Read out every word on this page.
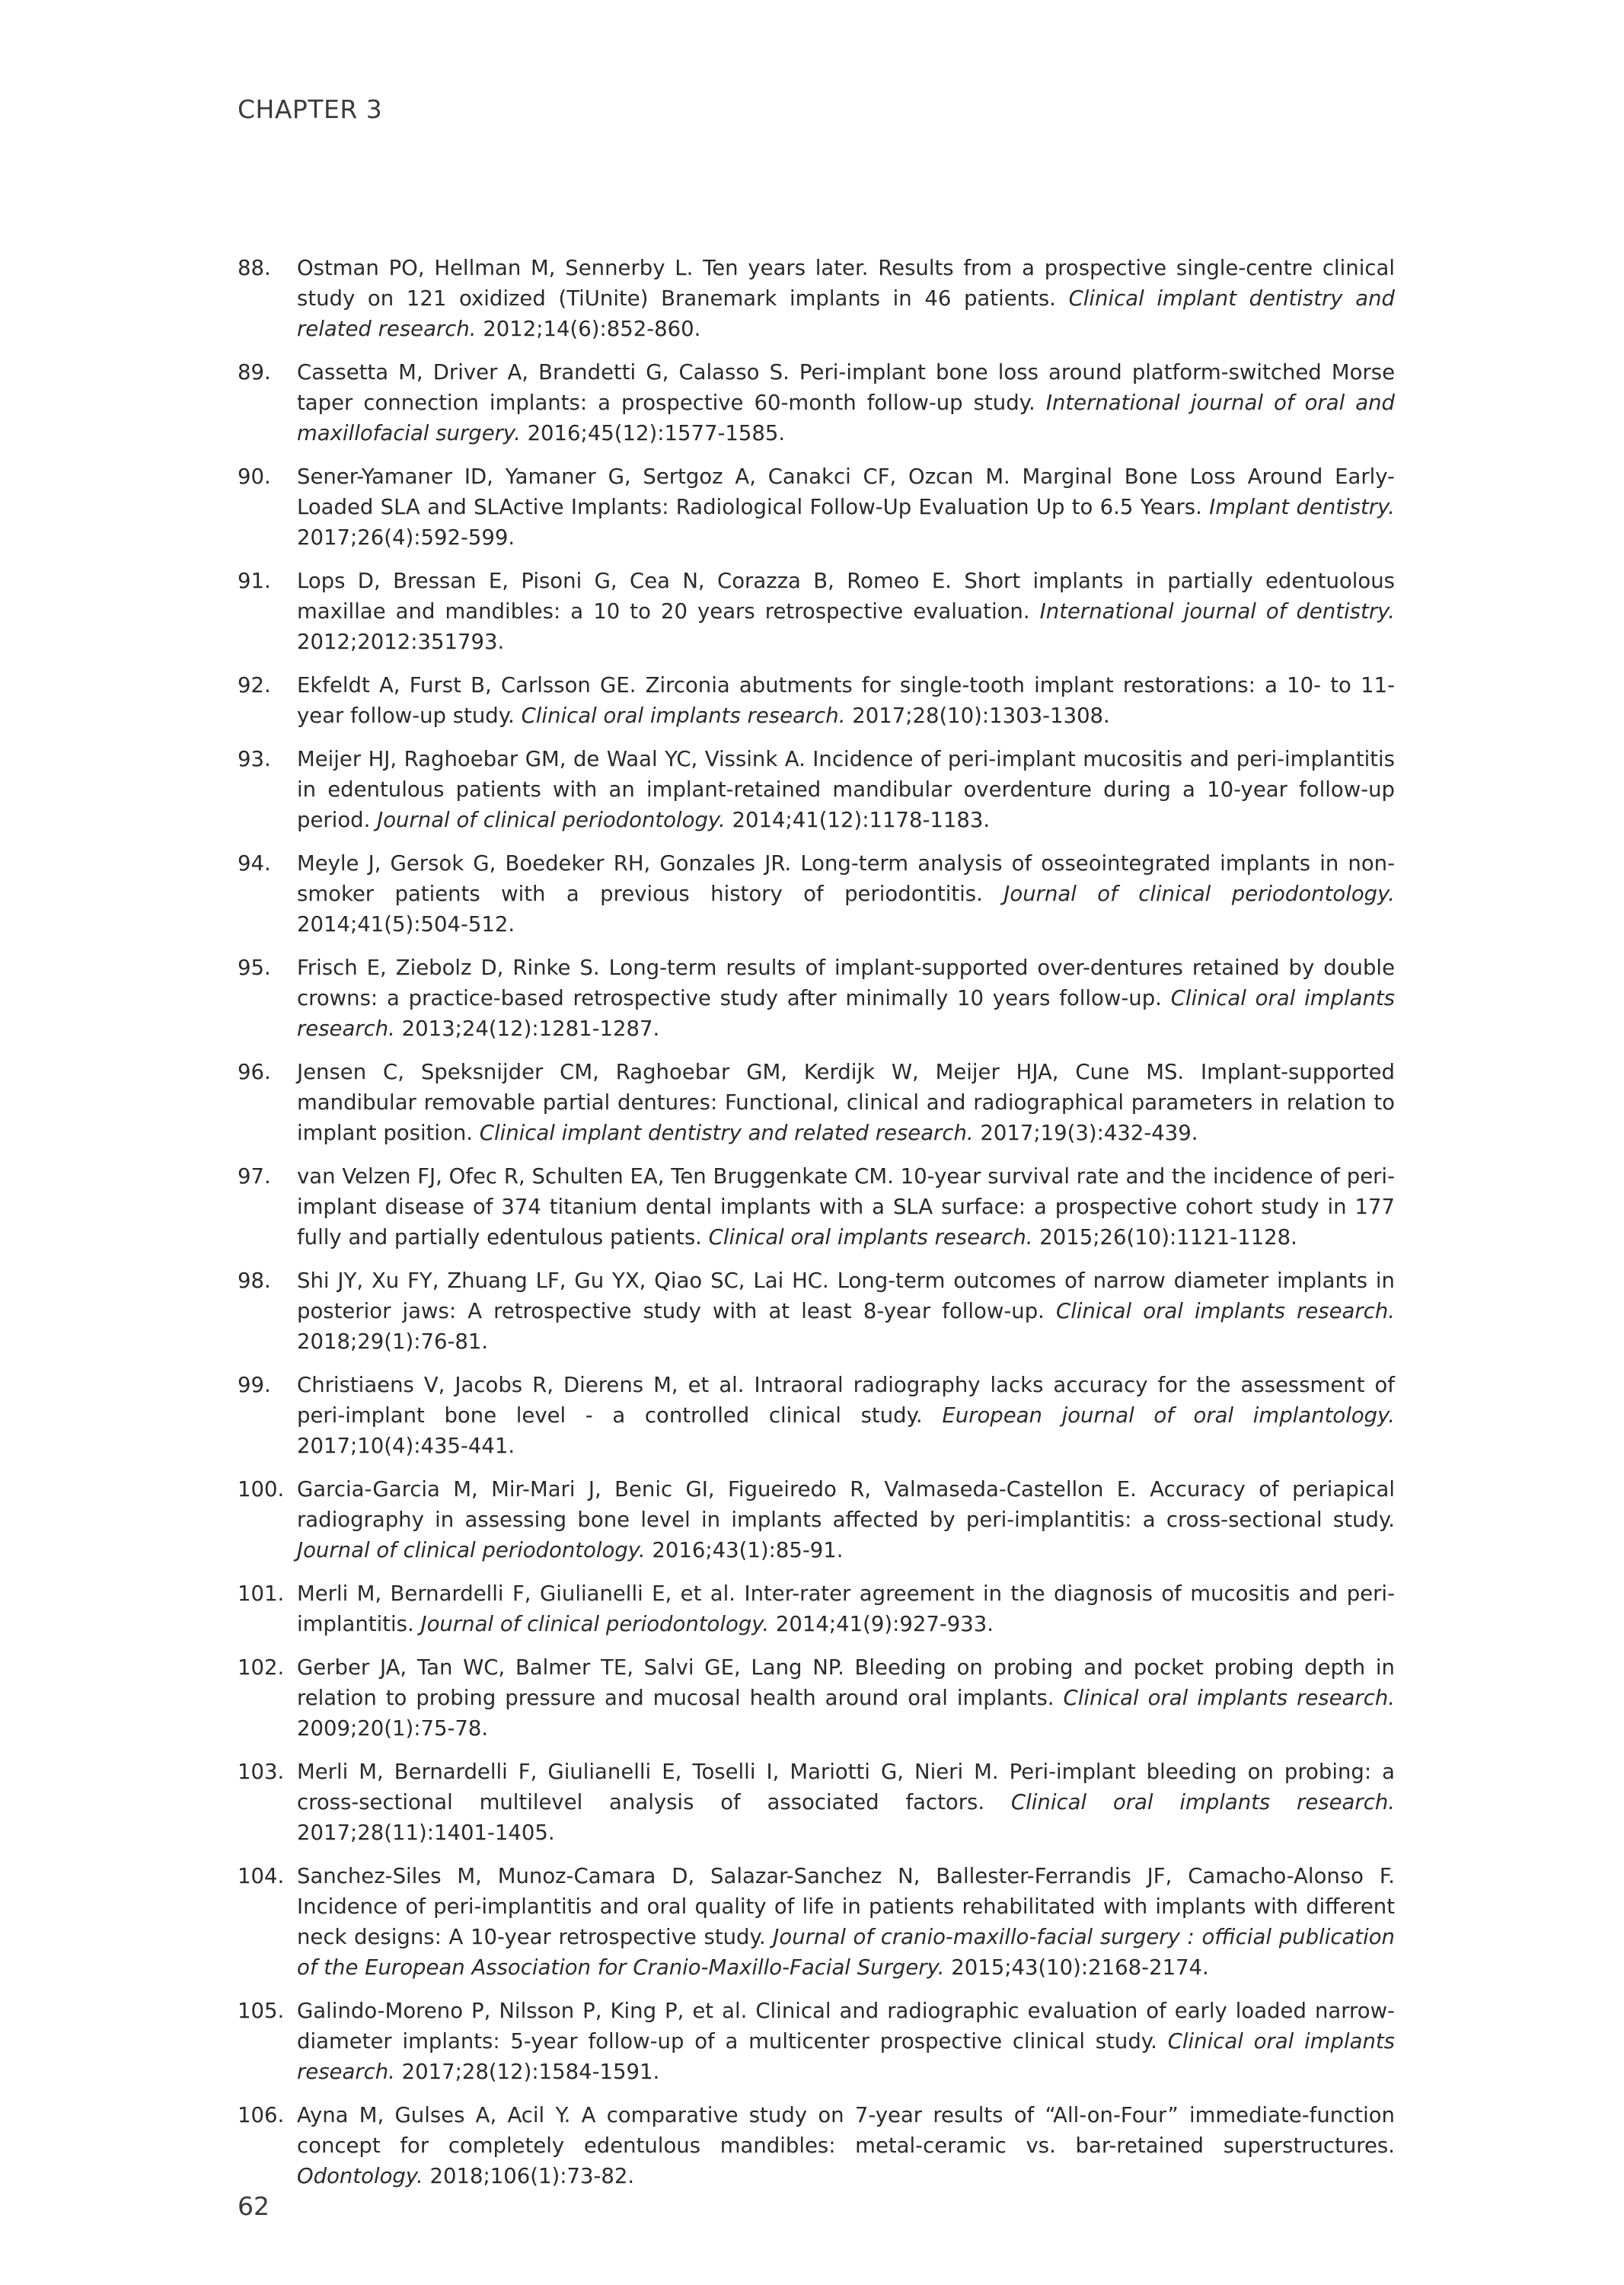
CHAPTER 3
88.	Ostman PO, Hellman M, Sennerby L. Ten years later. Results from a prospective single-centre clinical study on 121 oxidized (TiUnite) Branemark implants in 46 patients. Clinical implant dentistry and related research. 2012;14(6):852-860.
89.	Cassetta M, Driver A, Brandetti G, Calasso S. Peri-implant bone loss around platform-switched Morse taper connection implants: a prospective 60-month follow-up study. International journal of oral and maxillofacial surgery. 2016;45(12):1577-1585.
90.	Sener-Yamaner ID, Yamaner G, Sertgoz A, Canakci CF, Ozcan M. Marginal Bone Loss Around Early-Loaded SLA and SLActive Implants: Radiological Follow-Up Evaluation Up to 6.5 Years. Implant dentistry. 2017;26(4):592-599.
91.	Lops D, Bressan E, Pisoni G, Cea N, Corazza B, Romeo E. Short implants in partially edentuolous maxillae and mandibles: a 10 to 20 years retrospective evaluation. International journal of dentistry. 2012;2012:351793.
92.	Ekfeldt A, Furst B, Carlsson GE. Zirconia abutments for single-tooth implant restorations: a 10- to 11-year follow-up study. Clinical oral implants research. 2017;28(10):1303-1308.
93.	Meijer HJ, Raghoebar GM, de Waal YC, Vissink A. Incidence of peri-implant mucositis and peri-implantitis in edentulous patients with an implant-retained mandibular overdenture during a 10-year follow-up period. Journal of clinical periodontology. 2014;41(12):1178-1183.
94.	Meyle J, Gersok G, Boedeker RH, Gonzales JR. Long-term analysis of osseointegrated implants in non-smoker patients with a previous history of periodontitis. Journal of clinical periodontology. 2014;41(5):504-512.
95.	Frisch E, Ziebolz D, Rinke S. Long-term results of implant-supported over-dentures retained by double crowns: a practice-based retrospective study after minimally 10 years follow-up. Clinical oral implants research. 2013;24(12):1281-1287.
96.	Jensen C, Speksnijder CM, Raghoebar GM, Kerdijk W, Meijer HJA, Cune MS. Implant-supported mandibular removable partial dentures: Functional, clinical and radiographical parameters in relation to implant position. Clinical implant dentistry and related research. 2017;19(3):432-439.
97.	van Velzen FJ, Ofec R, Schulten EA, Ten Bruggenkate CM. 10-year survival rate and the incidence of peri-implant disease of 374 titanium dental implants with a SLA surface: a prospective cohort study in 177 fully and partially edentulous patients. Clinical oral implants research. 2015;26(10):1121-1128.
98.	Shi JY, Xu FY, Zhuang LF, Gu YX, Qiao SC, Lai HC. Long-term outcomes of narrow diameter implants in posterior jaws: A retrospective study with at least 8-year follow-up. Clinical oral implants research. 2018;29(1):76-81.
99.	Christiaens V, Jacobs R, Dierens M, et al. Intraoral radiography lacks accuracy for the assessment of peri-implant bone level - a controlled clinical study. European journal of oral implantology. 2017;10(4):435-441.
100. Garcia-Garcia M, Mir-Mari J, Benic GI, Figueiredo R, Valmaseda-Castellon E. Accuracy of periapical radiography in assessing bone level in implants affected by peri-implantitis: a cross-sectional study. Journal of clinical periodontology. 2016;43(1):85-91.
101. Merli M, Bernardelli F, Giulianelli E, et al. Inter-rater agreement in the diagnosis of mucositis and peri-implantitis. Journal of clinical periodontology. 2014;41(9):927-933.
102. Gerber JA, Tan WC, Balmer TE, Salvi GE, Lang NP. Bleeding on probing and pocket probing depth in relation to probing pressure and mucosal health around oral implants. Clinical oral implants research. 2009;20(1):75-78.
103. Merli M, Bernardelli F, Giulianelli E, Toselli I, Mariotti G, Nieri M. Peri-implant bleeding on probing: a cross-sectional multilevel analysis of associated factors. Clinical oral implants research. 2017;28(11):1401-1405.
104. Sanchez-Siles M, Munoz-Camara D, Salazar-Sanchez N, Ballester-Ferrandis JF, Camacho-Alonso F. Incidence of peri-implantitis and oral quality of life in patients rehabilitated with implants with different neck designs: A 10-year retrospective study. Journal of cranio-maxillo-facial surgery : official publication of the European Association for Cranio-Maxillo-Facial Surgery. 2015;43(10):2168-2174.
105. Galindo-Moreno P, Nilsson P, King P, et al. Clinical and radiographic evaluation of early loaded narrow-diameter implants: 5-year follow-up of a multicenter prospective clinical study. Clinical oral implants research. 2017;28(12):1584-1591.
106. Ayna M, Gulses A, Acil Y. A comparative study on 7-year results of “All-on-Four” immediate-function concept for completely edentulous mandibles: metal-ceramic vs. bar-retained superstructures. Odontology. 2018;106(1):73-82.
62
